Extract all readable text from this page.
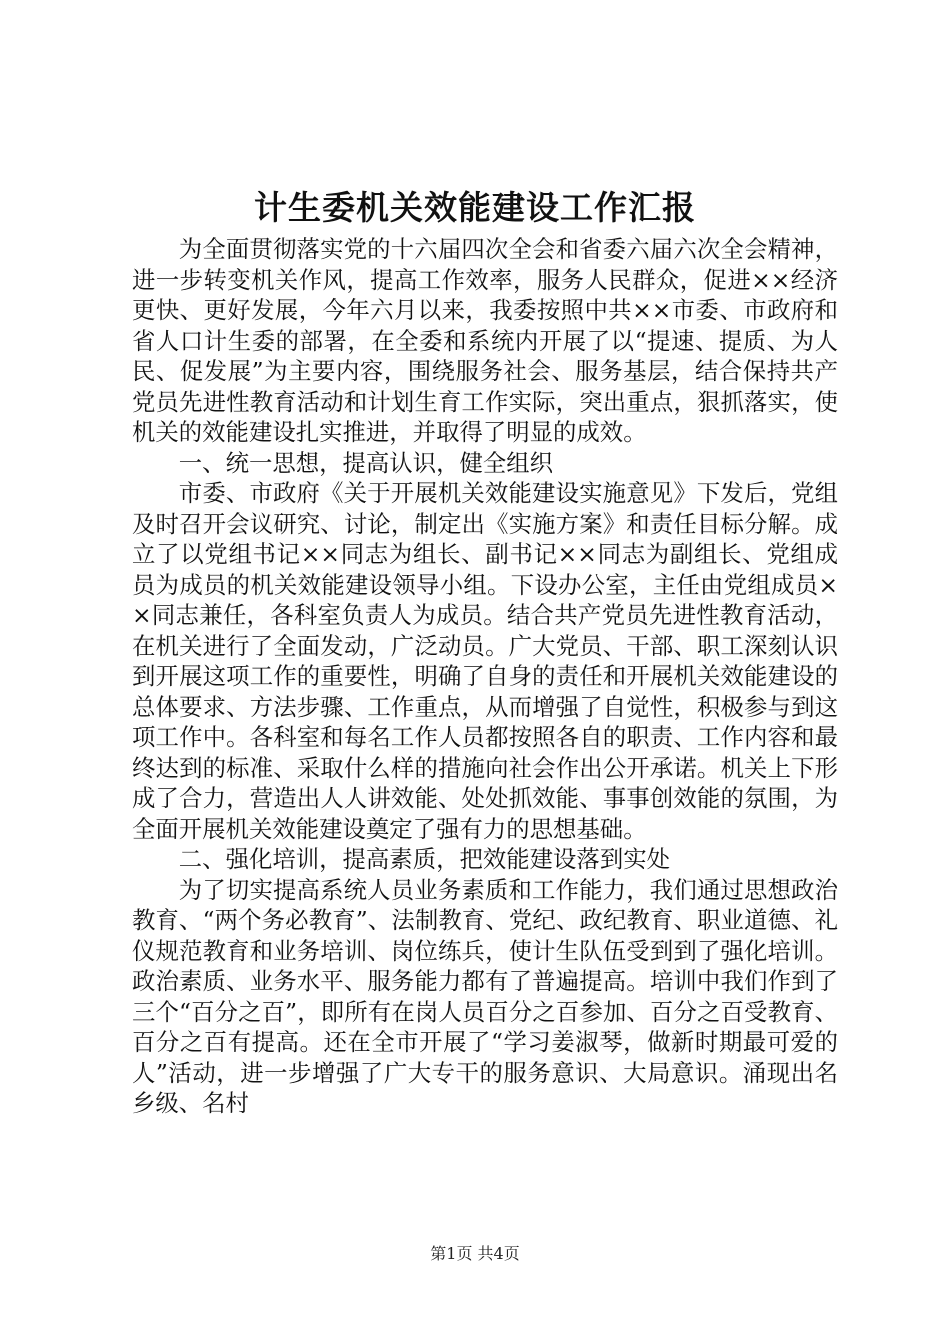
计生委机关效能建设工作汇报

为全面贯彻落实党的十六届四次全会和省委六届六次全会精神，进一步转变机关作风，提高工作效率，服务人民群众，促进××经济更快、更好发展，今年六月以来，我委按照中共××市委、市政府和省人口计生委的部署，在全委和系统内开展了以“提速、提质、为人民、促发展”为主要内容，围绕服务社会、服务基层，结合保持共产党员先进性教育活动和计划生育工作实际，突出重点，狠抓落实，使机关的效能建设扎实推进，并取得了明显的成效。

一、统一思想，提高认识，健全组织

市委、市政府《关于开展机关效能建设实施意见》下发后，党组及时召开会议研究、讨论，制定出《实施方案》和责任目标分解。成立了以党组书记××同志为组长、副书记××同志为副组长、党组成员为成员的机关效能建设领导小组。下设办公室，主任由党组成员××同志兼任，各科室负责人为成员。结合共产党员先进性教育活动，在机关进行了全面发动，广泛动员。广大党员、干部、职工深刻认识到开展这项工作的重要性，明确了自身的责任和开展机关效能建设的总体要求、方法步骤、工作重点，从而增强了自觉性，积极参与到这项工作中。各科室和每名工作人员都按照各自的职责、工作内容和最终达到的标准、采取什么样的措施向社会作出公开承诺。机关上下形成了合力，营造出人人讲效能、处处抓效能、事事创效能的氛围，为全面开展机关效能建设奠定了强有力的思想基础。

二、强化培训，提高素质，把效能建设落到实处

为了切实提高系统人员业务素质和工作能力，我们通过思想政治教育、“两个务必教育”、法制教育、党纪、政纪教育、职业道德、礼仪规范教育和业务培训、岗位练兵，使计生队伍受到到了强化培训。政治素质、业务水平、服务能力都有了普遍提高。培训中我们作到了三个“百分之百”，即所有在岗人员百分之百参加、百分之百受教育、百分之百有提高。还在全市开展了“学习姜淑琴，做新时期最可爱的人”活动，进一步增强了广大专干的服务意识、大局意识。涌现出名乡级、名村

第1页 共4页
